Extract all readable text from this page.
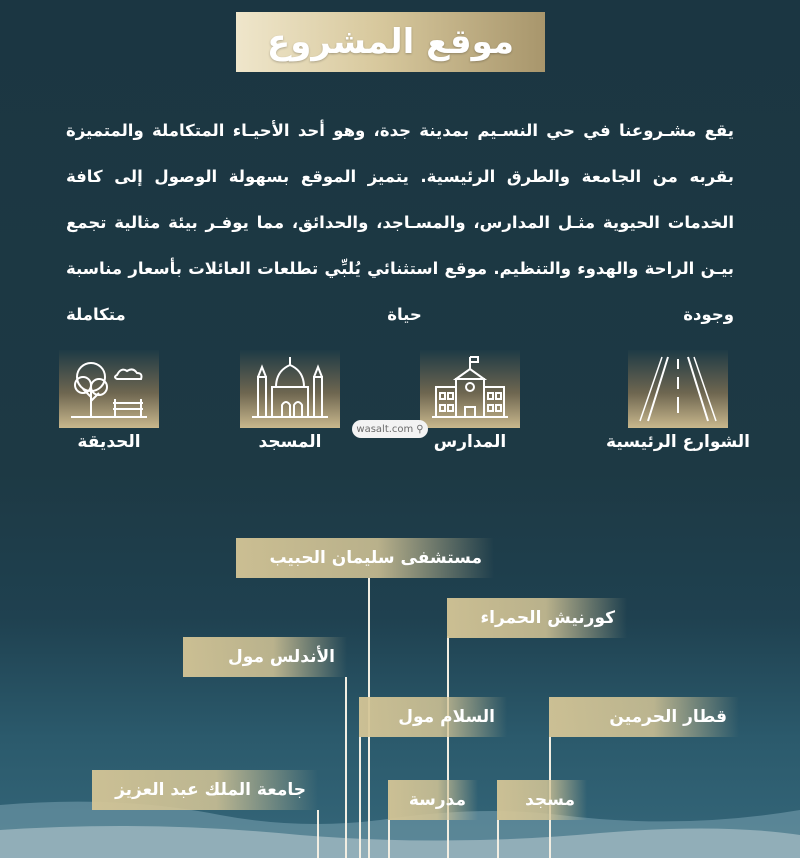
موقع المشروع
يقع مشـروعنا في حي النسـيم بمدينة جدة، وهو أحد الأحيـاء المتكاملة والمتميزة بقربه من الجامعة والطرق الرئيسية. يتميز الموقع بسهولة الوصول إلى كافة الخدمات الحيوية مثـل المدارس، والمسـاجد، والحدائق، مما يوفـر بيئة مثالية تجمع بيـن الراحة والهدوء والتنظيم. موقع استثنائي يُلبِّي تطلعات العائلات بأسعار مناسبة وجودة حياة متكاملة
الحديقة	المسجد	المدارس	الشوارع الرئيسية
wasalt.com ⚲
مستشفى سليمان الحبيب
كورنيش الحمراء
الأندلس مول
السلام مول	قطار الحرمين
جامعة الملك عبد العزيز	مدرسة	مسجد
